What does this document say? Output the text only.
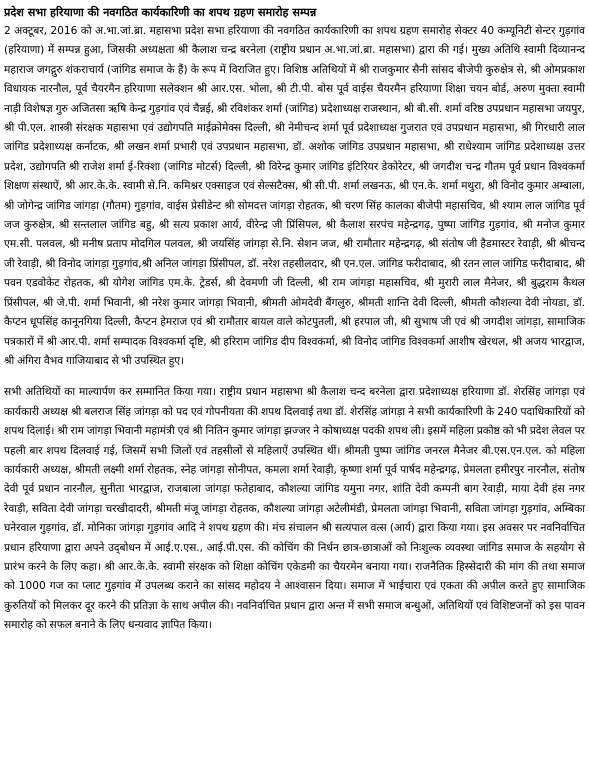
प्रदेश सभा हरियाणा की नवगठित कार्यकारिणी का शपथ ग्रहण समारोह सम्पन्न

2 अक्टूबर, 2016 को अ.भा.जां.ब्रा. महासभा प्रदेश सभा हरियाणा की नवगठित कार्यकारिणी का शपथ ग्रहण समारोह सेक्टर 40 कम्यूनिटी सेन्टर गुड़गांव (हरियाणा) में सम्पन्न हुआ, जिसकी अध्यक्षता श्री कैलाश चन्द्र बरनेला (राष्ट्रीय प्रधान अ.भा.जां.ब्रा. महासभा) द्वारा की गई। मुख्य अतिथि स्वामी दिव्यानन्द महाराज जगद्गुरु शंकराचार्य (जांगिड समाज के हैं) के रूप में विराजित हुए। विशिष्ठ अतिथियों में श्री राजकुमार सैनी सांसद बीजेपी कुरुक्षेत्र से, श्री ओमप्रकाश विधायक नारनौल, पूर्व चैयरमैन हरियाणा सलेक्शन श्री आर.एस. भोला, श्री टी.पी. बोस पूर्व वाईस चैयरमैन हरियाणा शिक्षा चयन बोर्ड, अरुण मुक्ता स्वामी नाड़ी विशेषज्ञ गुरु अजितसा ऋषि केन्द्र गुड़गांव एवं चैन्नई, श्री रविशंकर शर्मा (जांगिड) प्रदेशाध्यक्ष राजस्थान, श्री बी.सी. शर्मा वरिष्ठ उपप्रधान महासभा जयपुर, श्री पी.एल. शास्त्री संरक्षक महासभा एवं उद्योगपति माईक्रोमेक्स दिल्ली, श्री नेमीचन्द शर्मा पूर्व प्रदेशाध्यक्ष गुजरात एवं उपप्रधान महासभा, श्री गिरधारी लाल जांगिड प्रदेशाध्यक्ष कर्नाटक, श्री लखन शर्मा प्रभारी एवं उपप्रधान महासभा, डॉ. अशोक जांगिड उपप्रधान महासभा, श्री राधेश्याम जांगिड प्रदेशाध्यक्ष उत्तर प्रदेश, उद्योगपति श्री राजेश शर्मा ई-रिक्शा (जांगिड मोटर्स) दिल्ली, श्री विरेन्द्र कुमार जांगिड इंटिरियर डेकोरेटर, श्री जगदीश चन्द्र गौतम पूर्व प्रधान विश्वकर्मा शिक्षण संस्थाऐं, श्री आर.के.के. स्वामी से.नि. कमिश्नर एक्साइज एवं सेल्सटैक्स, श्री सी.पी. शर्मा लखनऊ, श्री एन.के. शर्मा मथुरा, श्री विनोद कुमार अम्बाला, श्री जोगेन्द्र जांगिड जांगड़ा (गौतम) गुड़गांव, वाईस प्रेसीडेन्ट श्री सोमदत्त जांगड़ा रोहतक, श्री चरण सिंह कालका बीजेपी महासचिव, श्री श्याम लाल जांगिड पूर्व जज कुरुक्षेत्र, श्री सन्तलाल जांगिड बहु, श्री सत्य प्रकाश आर्य, वीरेन्द्र जी प्रिंसिपल, श्री कैलाश सरपंच महेन्द्रगढ़, पुष्पा जांगिड गुड़गांव, श्री मनोज कुमार एम.सी. पलवल, श्री मनीष प्रताप मोदगिल पलवल, श्री जयसिंह जांगड़ा से.नि. सेशन जज, श्री रामौतार महेन्द्रगढ़, श्री संतोष जी हैडमास्टर रेवाड़ी, श्री श्रीचन्द जी रेवाड़ी, श्री विनोद जांगड़ा गुड़गांव,श्री अनिल जांगड़ा प्रिंसीपल, डॉ. नरेश तहसीलदार, श्री एन.एल. जांगिड फरीदाबाद, श्री रतन लाल जांगिड फरीदाबाद, श्री पवन एडवोकेट रोहतक, श्री योगेश जांगिड एम.के. ट्रेडर्स, श्री देवमणी जी दिल्ली, श्री राम जांगड़ा महासचिव, श्री मुरारी लाल मैनेजर, श्री बुद्धराम कैथल प्रिंसीपल, श्री जे.पी. शर्मा भिवानी, श्री नरेश कुमार जांगड़ा भिवानी, श्रीमती ओमदेवी बैंगलुरु, श्रीमती शान्ति देवी दिल्ली, श्रीमती कौशल्या देवी नोयडा, डॉ. कैप्टन धूपसिंह कानूनगिया दिल्ली, कैप्टन हेमराज एवं श्री रामौतार बायल वाले कोटपुतली, श्री हरपाल जी, श्री सुभाष जी एवं श्री जगदीश जांगड़ा, सामाजिक पत्रकारों में श्री आर.पी. शर्मा सम्पादक विश्वकर्मा दृष्टि, श्री हरिराम जांगिड दीप विश्वकर्मा, श्री विनोद जांगिड विश्वकर्मा आशीष खेरथल, श्री अजय भारद्वाज, श्री अंगिरा वैभव गाजियाबाद से भी उपस्थित हुए।

सभी अतिथियों का माल्यार्पण कर सम्मानित किया गया। राष्ट्रीय प्रधान महासभा श्री कैलाश चन्द बरनेला द्वारा प्रदेशाध्यक्ष हरियाणा डॉ. शेरसिंह जांगड़ा एवं कार्यकारी अध्यक्ष श्री बलराज सिंह जांगड़ा को पद एवं गोपनीयता की शपथ दिलवाई तथा डॉ. शेरसिंह जांगड़ा ने सभी कार्यकारिणी के 240 पदाधिकारियों को शपथ दिलाई। श्री राम जांगड़ा भिवानी महामंत्री एवं श्री नितिन कुमार जांगड़ा झज्जर ने कोषाध्यक्ष पदकी शपथ ली। इसमें महिला प्रकोष्ठ को भी प्रदेश लेवल पर पहली बार शपथ दिलवाई गई, जिसमें सभी जिलों एवं तहसीलों से महिलाऐं उपस्थित थीं। श्रीमती पुष्पा जांगिड जनरल मैनेजर बी.एस.एन.एल. को महिला कार्यकारी अध्यक्ष, श्रीमती लक्ष्मी शर्मा रोहतक, स्नेह जांगड़ा सोनीपत, कमला शर्मा रेवाड़ी, कृष्णा शर्मा पूर्व पार्षद महेन्द्रगढ़, प्रेमलता हमीरपुर नारनौल, संतोष देवी पूर्व प्रधान नारनौल, सुनीता भारद्वाज, राजबाला जांगड़ा फतेहाबाद, कौशल्या जांगिड यमुना नगर, शांति देवी कम्पनी बाग रेवाड़ी, माया देवी हंस नगर रेवाड़ी, सविता देवी जांगड़ा चरखीदादरी, श्रीमती मंजू जांगड़ा रोहतक, कौशल्या जांगड़ा अटेलीमंडी, प्रेमलता जांगड़ा भिवानी, सविता जांगड़ा गुड़गांव, अम्बिका घनेरवाल गुड़गांव, डॉ. मोनिका जांगड़ा गुड़गांव आदि ने शपथ ग्रहण की। मंच संचालन श्री सत्यपाल वत्स (आर्य) द्वारा किया गया। इस अवसर पर नवनिर्वाचित प्रधान हरियाणा द्वारा अपने उद्‌बोधन में आई.ए.एस., आई.पी.एस. की कोचिंग की निर्धन छात्र-छात्राओं को निःशुल्क व्यवस्था जांगिड समाज के सहयोग से प्रारंभ करने के लिए कहा। श्री आर.के.के. स्वामी संरक्षक को शिक्षा कोचिंग एकेडमी का चैयरमेन बनाया गया। राजनैतिक हिस्सेदारी की मांग की तथा समाज को 1000 गज का प्लाट गुड़गांव में उपलब्ध कराने का सांसद महोदय ने आश्वासन दिया। समाज में भाईचारा एवं एकता की अपील करते हुए सामाजिक कुरुतियों को मिलकर दूर करने की प्रतिज्ञा के साथ अपील की। नवनिर्वाचित प्रधान द्वारा अन्त में सभी समाज बन्धुओं, अतिथियों एवं विशिष्टजनों को इस पावन समारोह को सफल बनाने के लिए धन्यवाद ज्ञापित किया।
